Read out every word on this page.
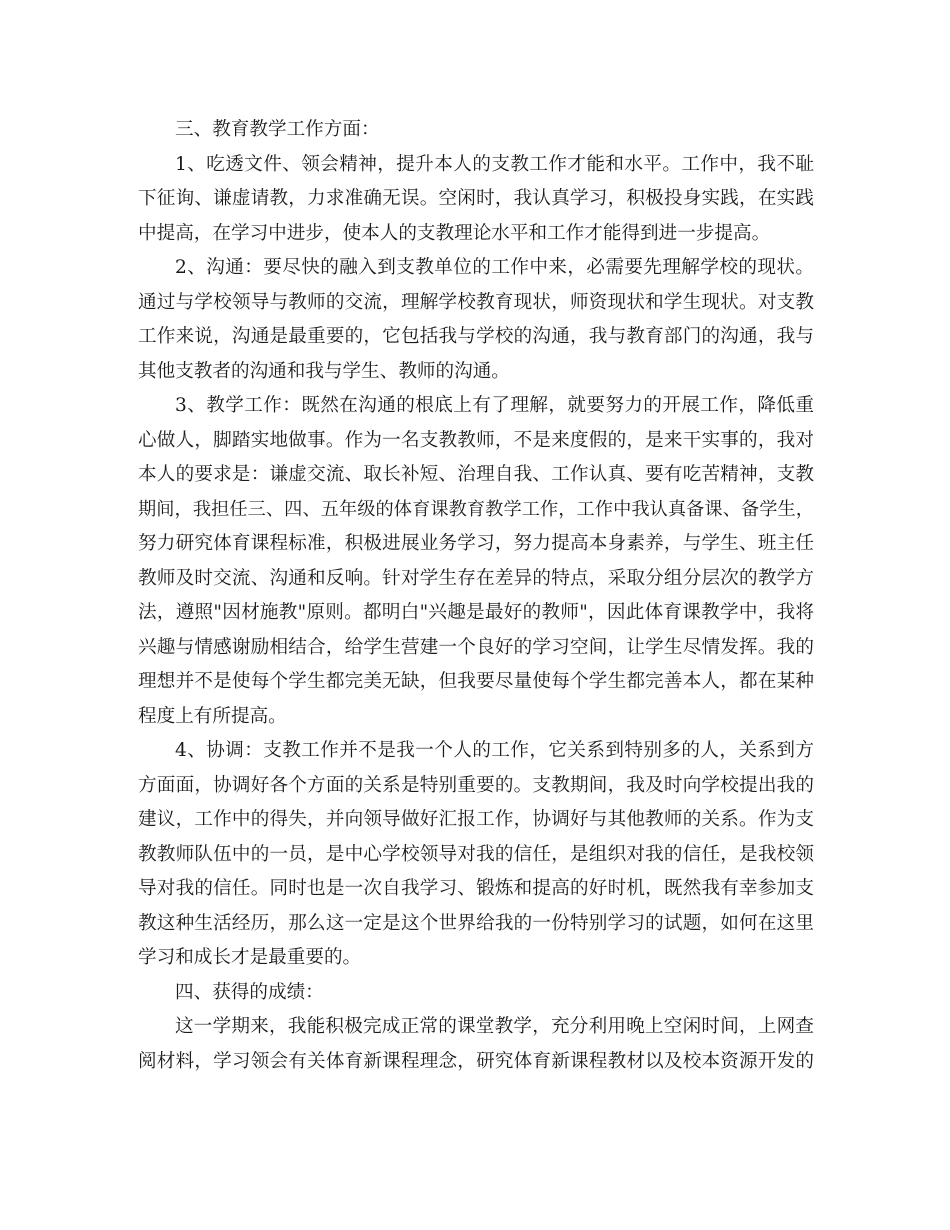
三、教育教学工作方面：
1、吃透文件、领会精神，提升本人的支教工作才能和水平。工作中，我不耻
下征询、谦虚请教，力求准确无误。空闲时，我认真学习，积极投身实践，在实践
中提高，在学习中进步，使本人的支教理论水平和工作才能得到进一步提高。
2、沟通：要尽快的融入到支教单位的工作中来，必需要先理解学校的现状。
通过与学校领导与教师的交流，理解学校教育现状，师资现状和学生现状。对支教
工作来说，沟通是最重要的，它包括我与学校的沟通，我与教育部门的沟通，我与
其他支教者的沟通和我与学生、教师的沟通。
3、教学工作：既然在沟通的根底上有了理解，就要努力的开展工作，降低重
心做人，脚踏实地做事。作为一名支教教师，不是来度假的，是来干实事的，我对
本人的要求是：谦虚交流、取长补短、治理自我、工作认真、要有吃苦精神，支教
期间，我担任三、四、五年级的体育课教育教学工作，工作中我认真备课、备学生，
努力研究体育课程标准，积极进展业务学习，努力提高本身素养，与学生、班主任
教师及时交流、沟通和反响。针对学生存在差异的特点，采取分组分层次的教学方
法，遵照"因材施教"原则。都明白"兴趣是最好的教师"，因此体育课教学中，我将
兴趣与情感谢励相结合，给学生营建一个良好的学习空间，让学生尽情发挥。我的
理想并不是使每个学生都完美无缺，但我要尽量使每个学生都完善本人，都在某种
程度上有所提高。
4、协调：支教工作并不是我一个人的工作，它关系到特别多的人，关系到方
方面面，协调好各个方面的关系是特别重要的。支教期间，我及时向学校提出我的
建议，工作中的得失，并向领导做好汇报工作，协调好与其他教师的关系。作为支
教教师队伍中的一员，是中心学校领导对我的信任，是组织对我的信任，是我校领
导对我的信任。同时也是一次自我学习、锻炼和提高的好时机，既然我有幸参加支
教这种生活经历，那么这一定是这个世界给我的一份特别学习的试题，如何在这里
学习和成长才是最重要的。
四、获得的成绩：
这一学期来，我能积极完成正常的课堂教学，充分利用晚上空闲时间，上网查
阅材料，学习领会有关体育新课程理念，研究体育新课程教材以及校本资源开发的
